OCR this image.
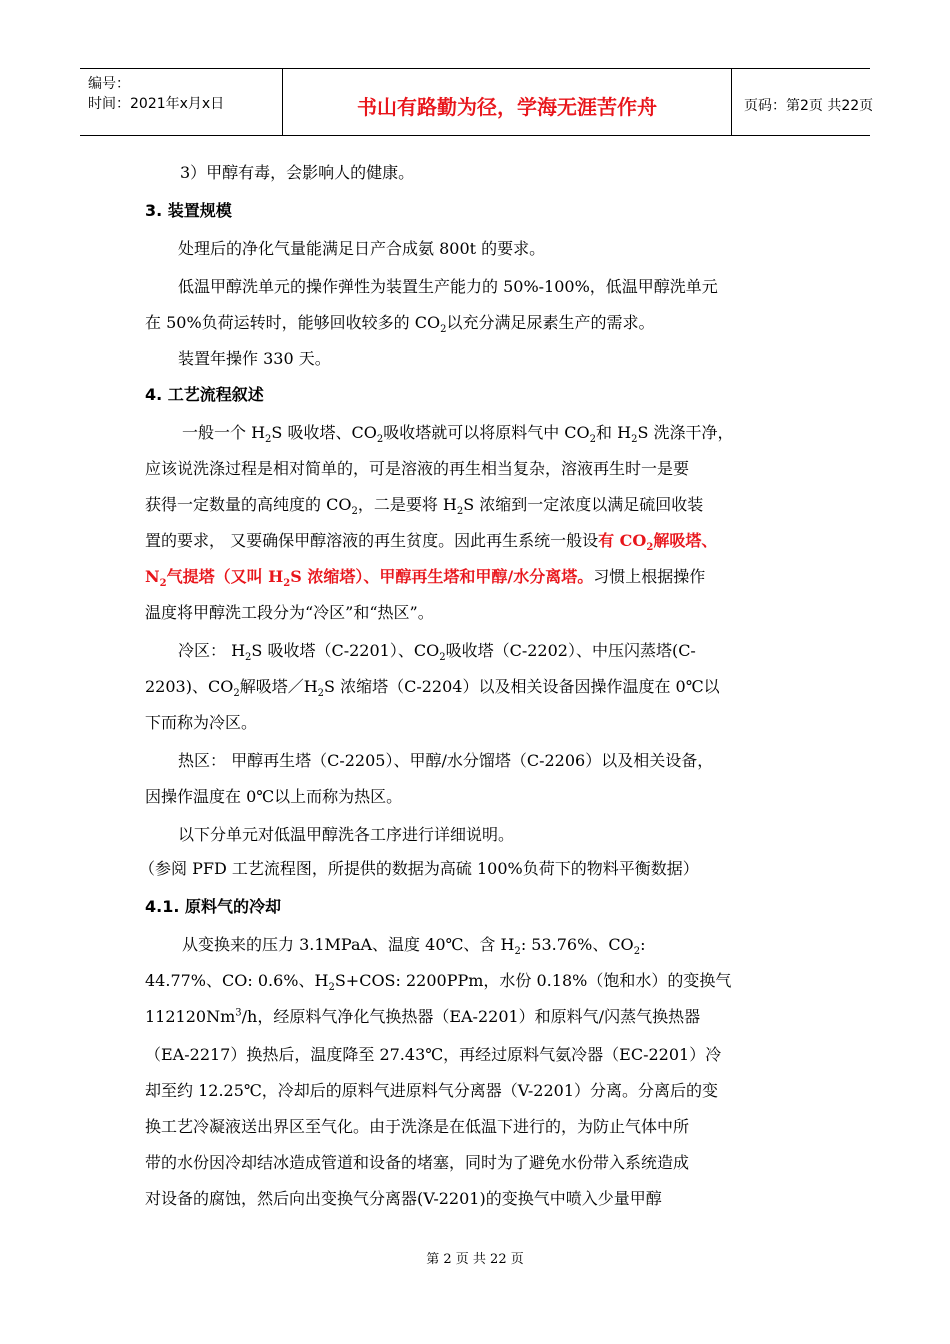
编号：
时间：2021年x月x日	书山有路勤为径，学海无涯苦作舟	页码：第2页 共22页
3）甲醇有毒，会影响人的健康。
3. 装置规模
处理后的净化气量能满足日产合成氨 800t 的要求。
低温甲醇洗单元的操作弹性为装置生产能力的 50%-100%，低温甲醇洗单元
在 50%负荷运转时，能够回收较多的 $CO_2$以充分满足尿素生产的需求。
装置年操作 330 天。
4. 工艺流程叙述
一般一个 $H_2S$ 吸收塔、$CO_2$吸收塔就可以将原料气中 $CO_2$和 $H_2S$ 洗涤干净，
应该说洗涤过程是相对简单的，可是溶液的再生相当复杂，溶液再生时一是要
获得一定数量的高纯度的 $CO_2$，二是要将 $H_2S$ 浓缩到一定浓度以满足硫回收装
置的要求， 又要确保甲醇溶液的再生贫度。因此再生系统一般设有 $CO_2$解吸塔、
$N_2$气提塔（又叫 $H_2S$ 浓缩塔）、甲醇再生塔和甲醇/水分离塔。习惯上根据操作
温度将甲醇洗工段分为“冷区”和“热区”。
冷区： $H_2S$ 吸收塔（C-2201）、$CO_2$吸收塔（C-2202）、中压闪蒸塔(C-
2203)、$CO_2$解吸塔$/H_2S$ 浓缩塔（C-2204）以及相关设备因操作温度在 0℃以
下而称为冷区。
热区： 甲醇再生塔（C-2205）、甲醇/水分馏塔（C-2206）以及相关设备，
因操作温度在 0℃以上而称为热区。
以下分单元对低温甲醇洗各工序进行详细说明。
（参阅 PFD 工艺流程图，所提供的数据为高硫 100%负荷下的物料平衡数据）
4.1. 原料气的冷却
从变换来的压力 3.1MPaA、温度 40℃、含 $H_2$: 53.76%、$CO_2$:
44.77%、CO: 0.6%、$H_2S+COS$: 2200PPm，水份 0.18%（饱和水）的变换气
112120Nm$^3$/h，经原料气净化气换热器（EA-2201）和原料气/闪蒸气换热器
（EA-2217）换热后，温度降至 27.43℃，再经过原料气氨冷器（EC-2201）冷
却至约 12.25℃，冷却后的原料气进原料气分离器（V-2201）分离。分离后的变
换工艺冷凝液送出界区至气化。由于洗涤是在低温下进行的，为防止气体中所
带的水份因冷却结冰造成管道和设备的堵塞，同时为了避免水份带入系统造成
对设备的腐蚀，然后向出变换气分离器(V-2201)的变换气中喷入少量甲醇
第 2 页 共 22 页
